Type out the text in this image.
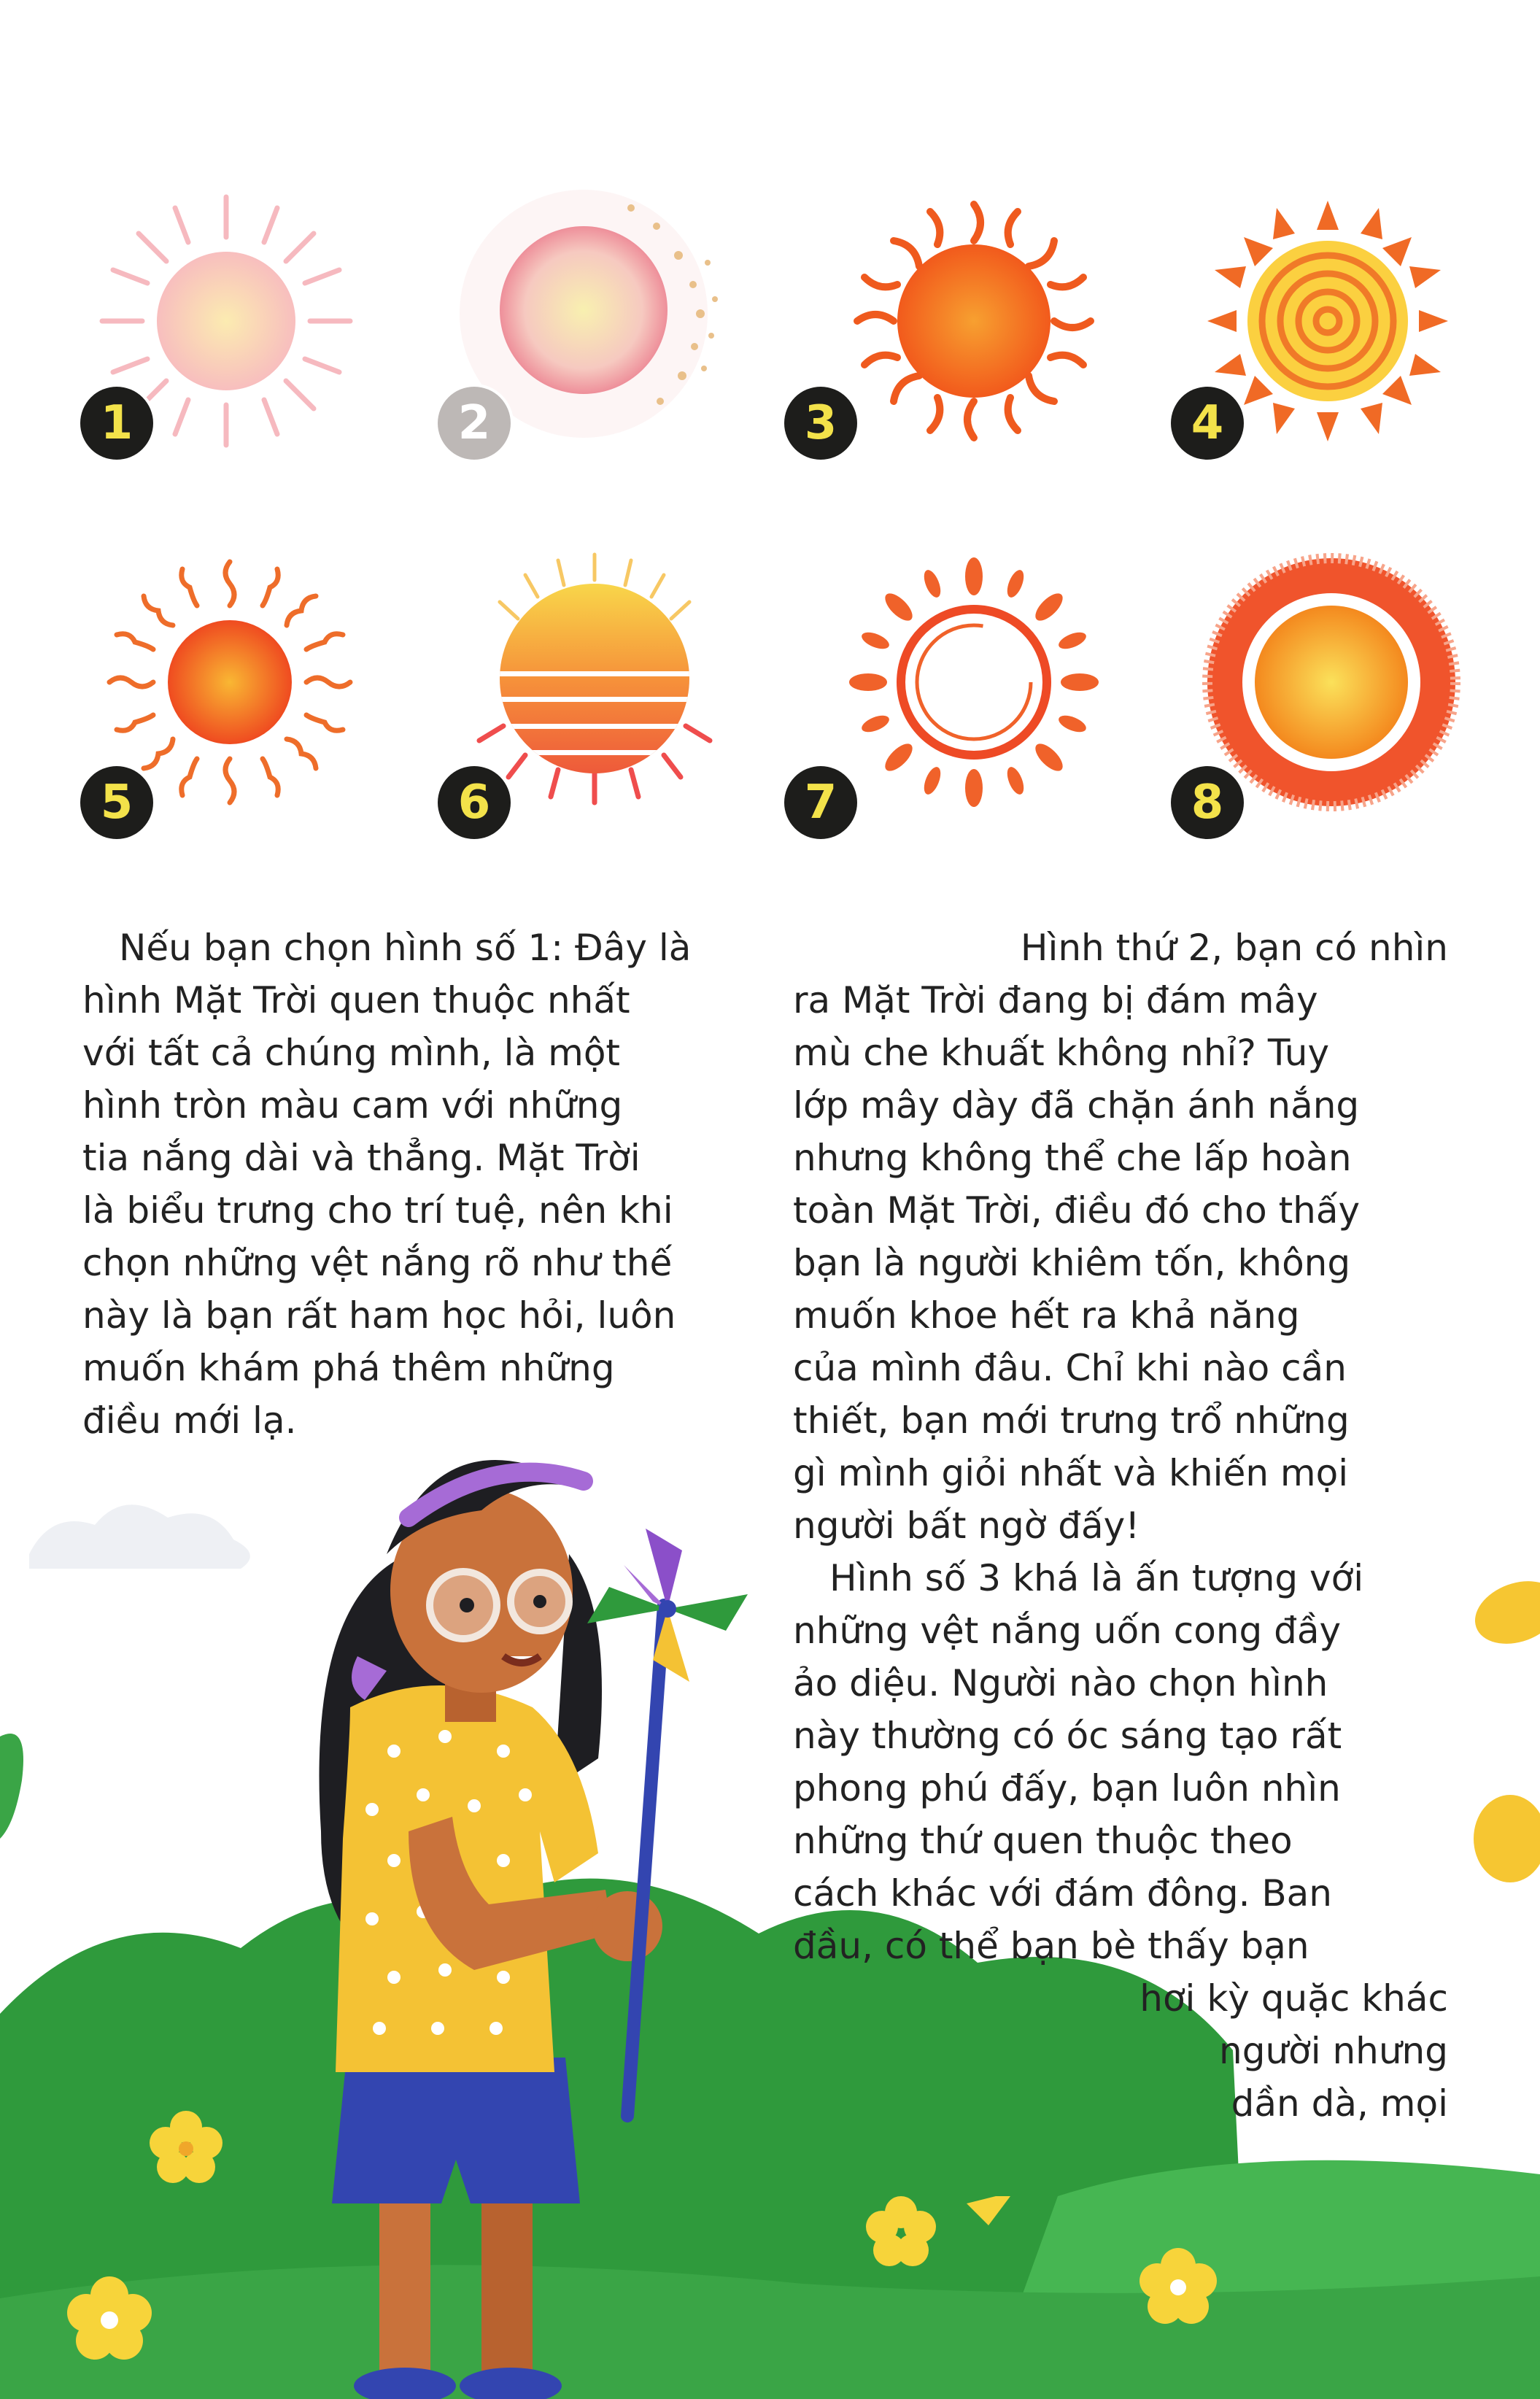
1	2	3	4
5	6	7	8
Nếu bạn chọn hình số 1: Đây là
hình Mặt Trời quen thuộc nhất
với tất cả chúng mình, là một
hình tròn màu cam với những
tia nắng dài và thẳng. Mặt Trời
là biểu trưng cho trí tuệ, nên khi
chọn những vệt nắng rõ như thế
này là bạn rất ham học hỏi, luôn
muốn khám phá thêm những
điều mới lạ.
Hình thứ 2, bạn có nhìn
ra Mặt Trời đang bị đám mây
mù che khuất không nhỉ? Tuy
lớp mây dày đã chặn ánh nắng
nhưng không thể che lấp hoàn
toàn Mặt Trời, điều đó cho thấy
bạn là người khiêm tốn, không
muốn khoe hết ra khả năng
của mình đâu. Chỉ khi nào cần
thiết, bạn mới trưng trổ những
gì mình giỏi nhất và khiến mọi
người bất ngờ đấy!
Hình số 3 khá là ấn tượng với
những vệt nắng uốn cong đầy
ảo diệu. Người nào chọn hình
này thường có óc sáng tạo rất
phong phú đấy, bạn luôn nhìn
những thứ quen thuộc theo
cách khác với đám đông. Ban
đầu, có thể bạn bè thấy bạn
hơi kỳ quặc khác
người nhưng
dần dà, mọi
